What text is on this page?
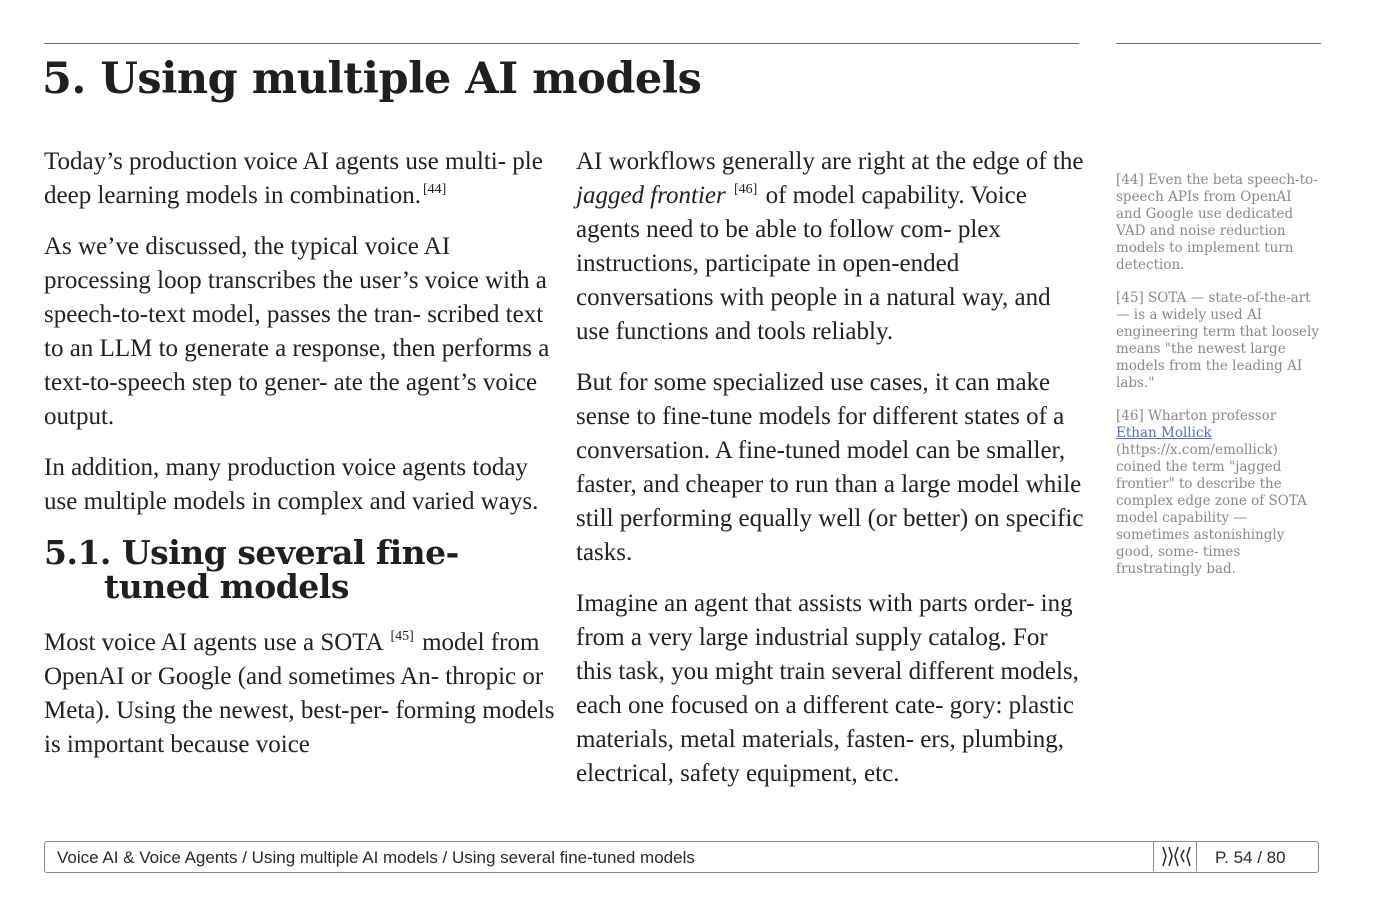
5. Using multiple AI models

Today’s production voice AI agents use multi- ple deep learning models in combination. [44]

As we’ve discussed, the typical voice AI processing loop transcribes the user’s voice with a speech-to-text model, passes the tran- scribed text to an LLM to generate a response, then performs a text-to-speech step to gener- ate the agent’s voice output.

In addition, many production voice agents today use multiple models in complex and varied ways.

5.1. Using several fine-tuned models

Most voice AI agents use a SOTA [45] model from OpenAI or Google (and sometimes An- thropic or Meta). Using the newest, best-per- forming models is important because voice

AI workflows generally are right at the edge of the jagged frontier [46] of model capability. Voice agents need to be able to follow com- plex instructions, participate in open-ended conversations with people in a natural way, and use functions and tools reliably.

But for some specialized use cases, it can make sense to fine-tune models for different states of a conversation. A fine-tuned model can be smaller, faster, and cheaper to run than a large model while still performing equally well (or better) on specific tasks.

Imagine an agent that assists with parts order- ing from a very large industrial supply catalog. For this task, you might train several different models, each one focused on a different cate- gory: plastic materials, metal materials, fasten- ers, plumbing, electrical, safety equipment, etc.

[44] Even the beta speech-to-speech APIs from OpenAI and Google use dedicated VAD and noise reduction models to implement turn detection.
[45] SOTA — state-of-the-art — is a widely used AI engineering term that loosely means "the newest large models from the leading AI labs."
[46] Wharton professor Ethan Mollick (https://x.com/emollick) coined the term "jagged frontier" to describe the complex edge zone of SOTA model capability — sometimes astonishingly good, some- times frustratingly bad.
Voice AI & Voice Agents / Using multiple AI models / Using several fine-tuned models	P. 54 / 80
